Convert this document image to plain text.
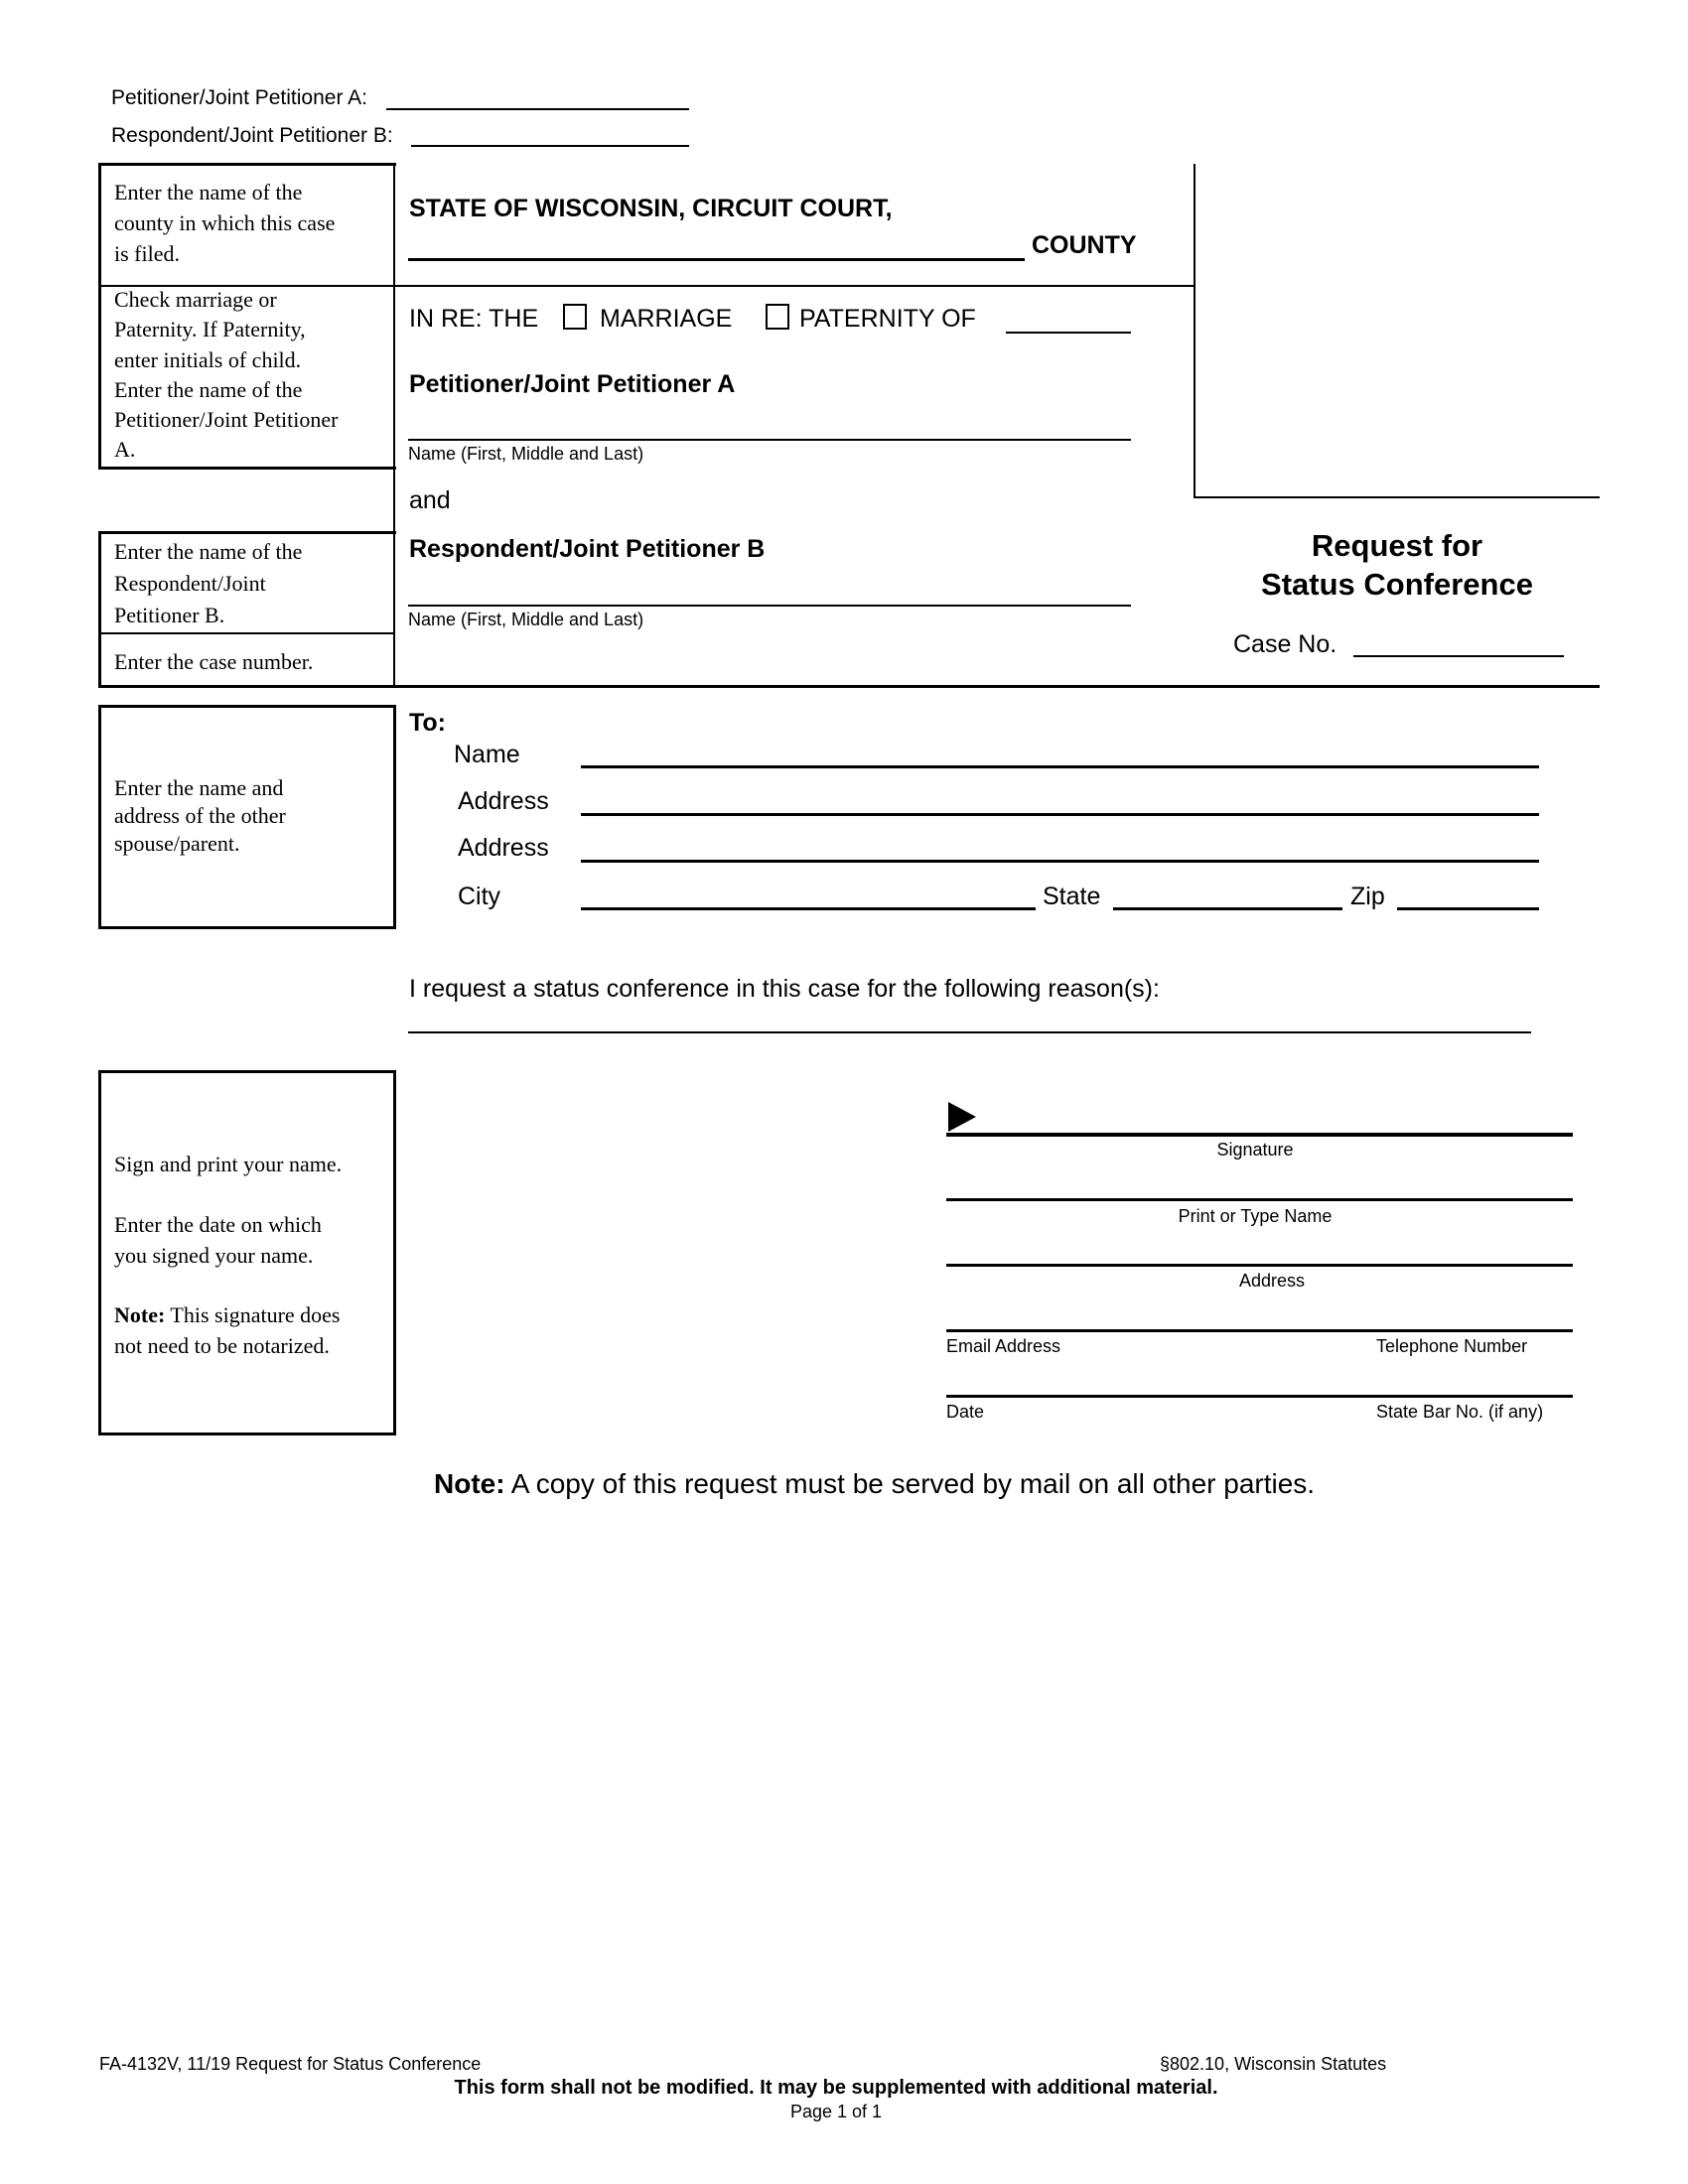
Petitioner/Joint Petitioner A:
Respondent/Joint Petitioner B:
Enter the name of the
county in which this case
is filed.
Check marriage or
Paternity. If Paternity,
enter initials of child.
Enter the name of the
Petitioner/Joint Petitioner
A.
Enter the name of the
Respondent/Joint
Petitioner B.
Enter the case number.
STATE OF WISCONSIN, CIRCUIT COURT,
COUNTY
IN RE: THE MARRIAGE	PATERNITY OF
Petitioner/Joint Petitioner A
Name (First, Middle and Last)
and
Respondent/Joint Petitioner B
Name (First, Middle and Last)
Request for
Status Conference
Case No.
Enter the name and
address of the other
spouse/parent.
To:
Name
Address
Address
City	State	Zip
I request a status conference in this case for the following reason(s):
Sign and print your name.
Enter the date on which
you signed your name.
Note: This signature does
not need to be notarized.
Signature
Print or Type Name
Address
Email Address	Telephone Number
Date	State Bar No. (if any)
Note: A copy of this request must be served by mail on all other parties.
FA-4132V, 11/19 Request for Status Conference	§802.10, Wisconsin Statutes
This form shall not be modified. It may be supplemented with additional material.
Page 1 of 1
